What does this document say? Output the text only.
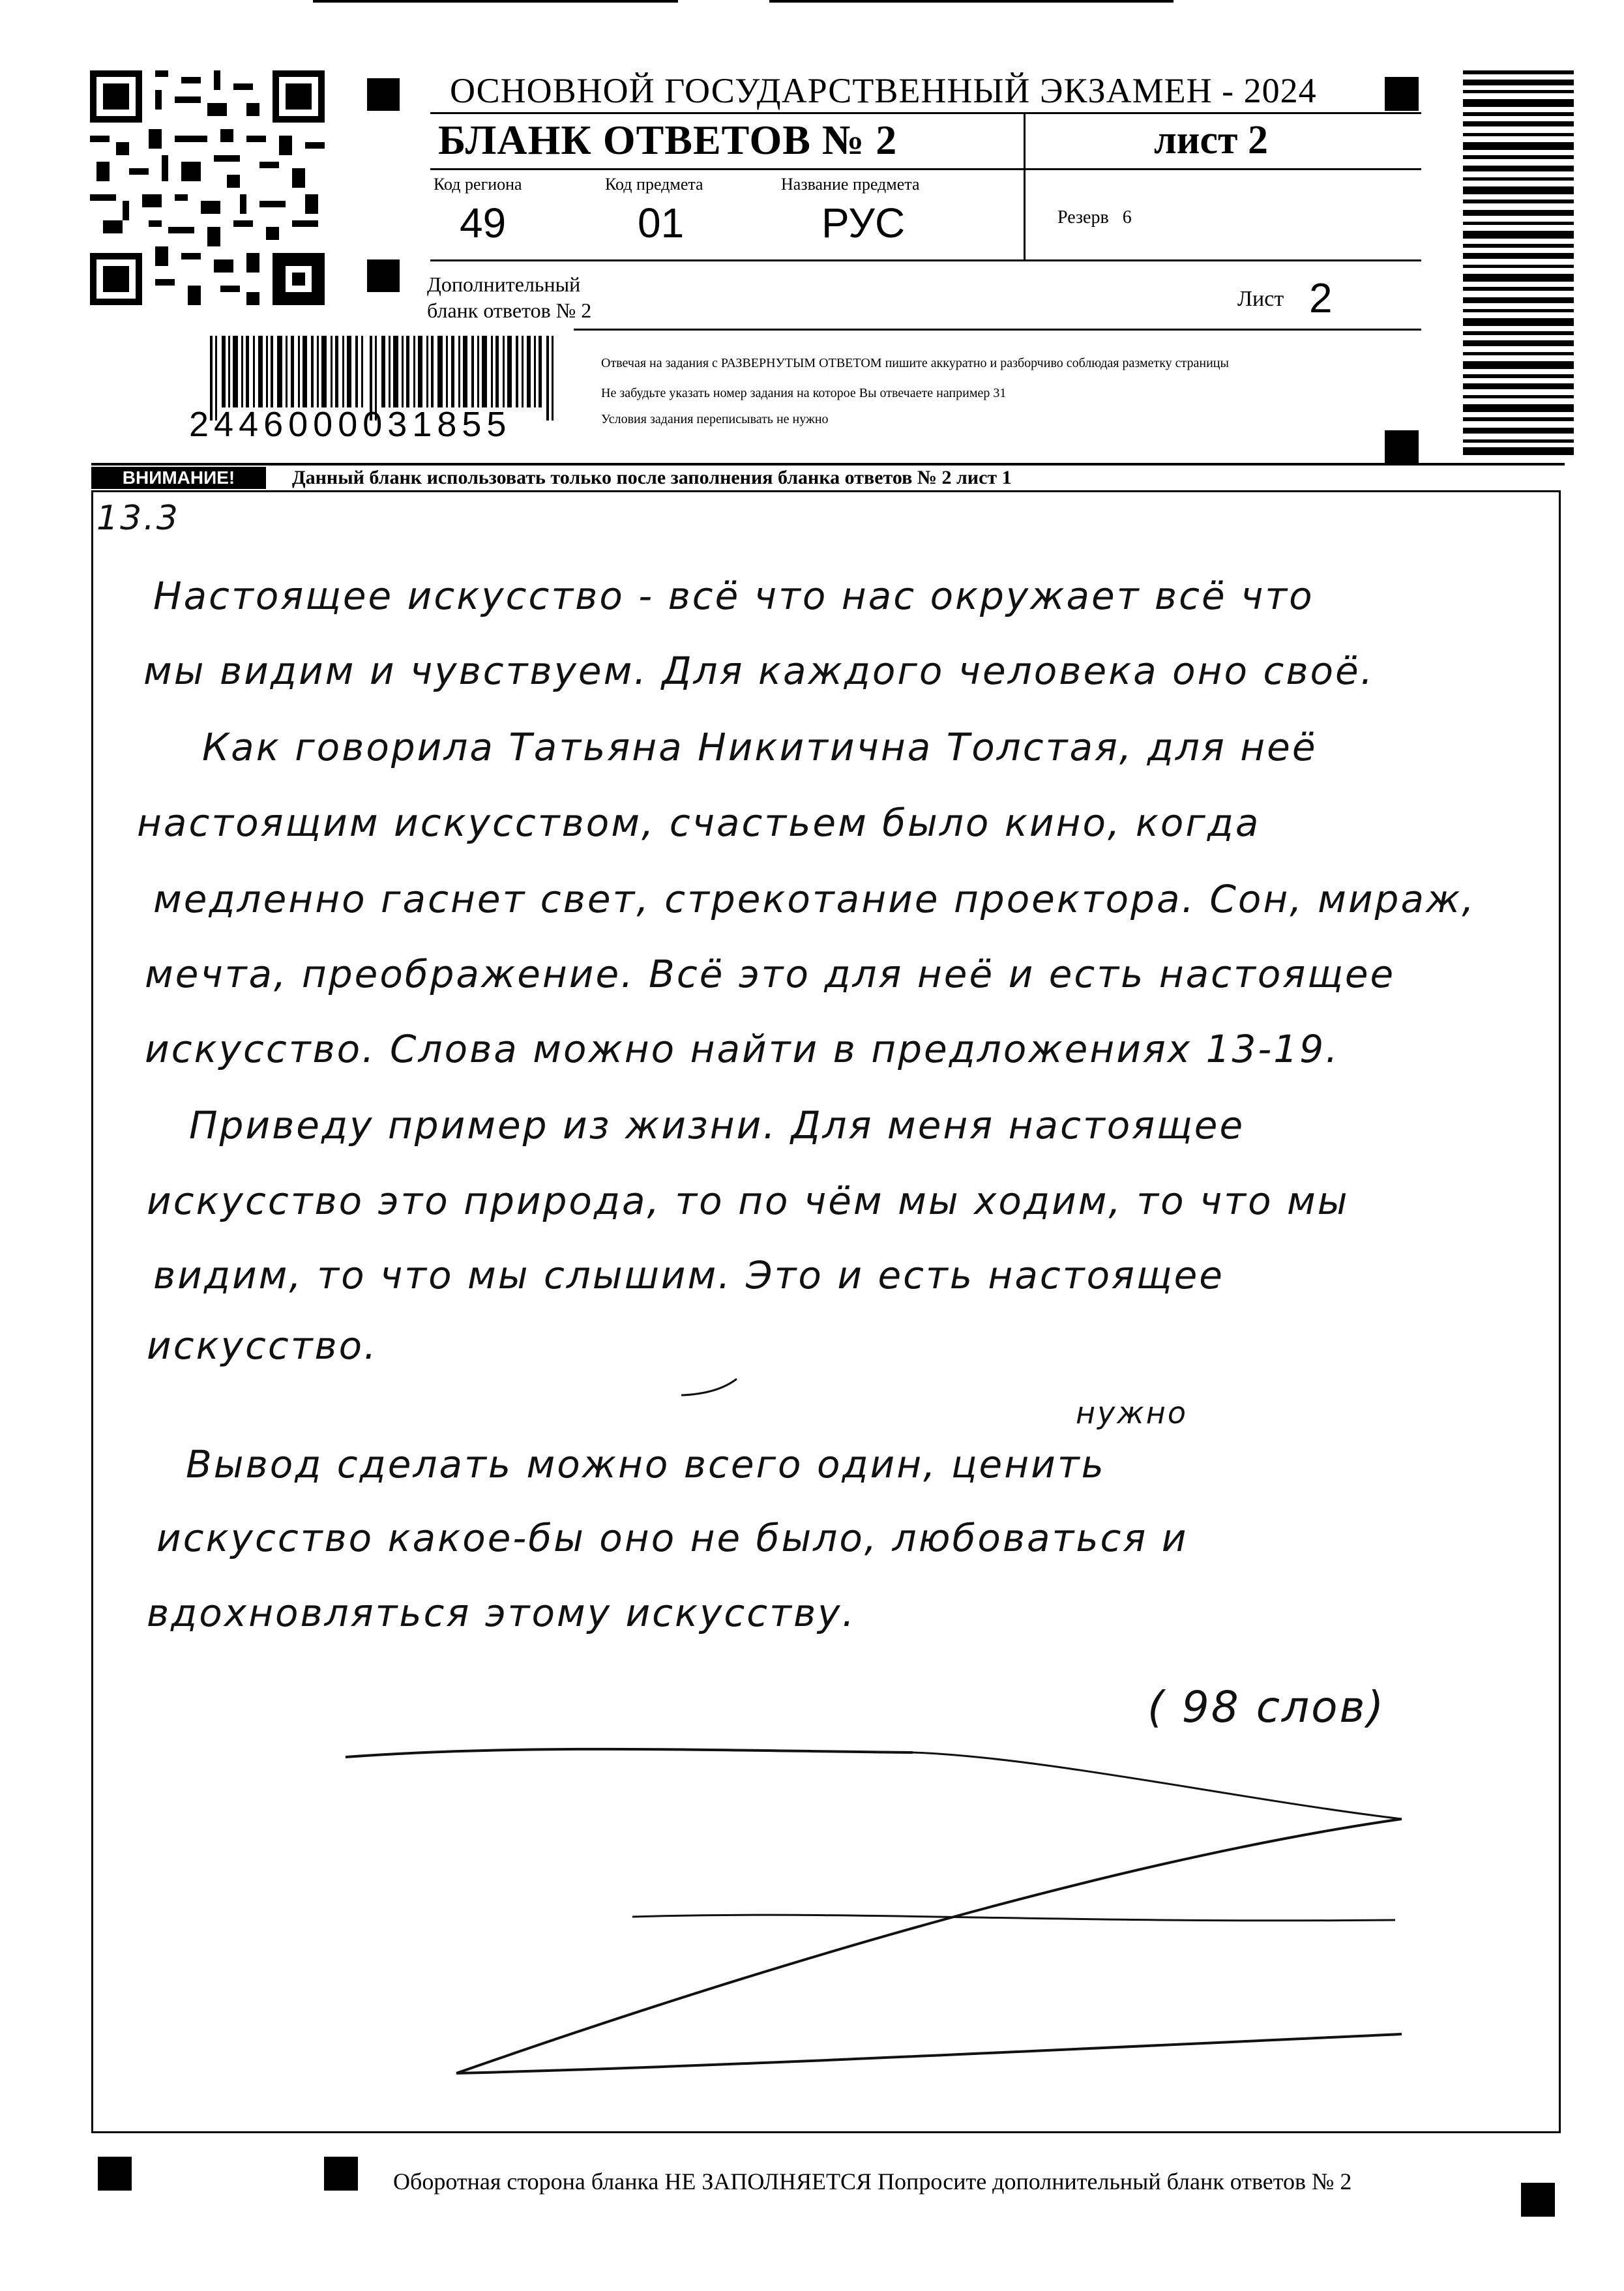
ОСНОВНОЙ ГОСУДАРСТВЕННЫЙ ЭКЗАМЕН - 2024
БЛАНК ОТВЕТОВ № 2	лист 2
Код региона
49
Код предмета
01
Название предмета
РУС	Резерв 6
Дополнительный
бланк ответов № 2	Лист 2
2446000031855
Отвечая на задания с РАЗВЕРНУТЫМ ОТВЕТОМ пишите аккуратно и разборчиво соблюдая разметку страницы
Не забудьте указать номер задания на которое Вы отвечаете например 31
Условия задания переписывать не нужно
ВНИМАНИЕ!	Данный бланк использовать только после заполнения бланка ответов № 2 лист 1
13.3
Настоящее искусство - всё что нас окружает всё что
мы видим и чувствуем. Для каждого человека оно своё.
Как говорила Татьяна Никитична Толстая, для неё
настоящим искусством, счастьем было кино, когда
медленно гаснет свет, стрекотание проектора. Сон, мираж,
мечта, преображение. Всё это для неё и есть настоящее
искусство. Слова можно найти в предложениях 13-19.
Приведу пример из жизни. Для меня настоящее
искусство это природа, то по чём мы ходим, то что мы
видим, то что мы слышим. Это и есть настоящее
искусство.
нужно
Вывод сделать можно всего один, ценить
искусство какое-бы оно не было, любоваться и
вдохновляться этому искусству.
( 98 слов)
Оборотная сторона бланка НЕ ЗАПОЛНЯЕТСЯ Попросите дополнительный бланк ответов № 2
